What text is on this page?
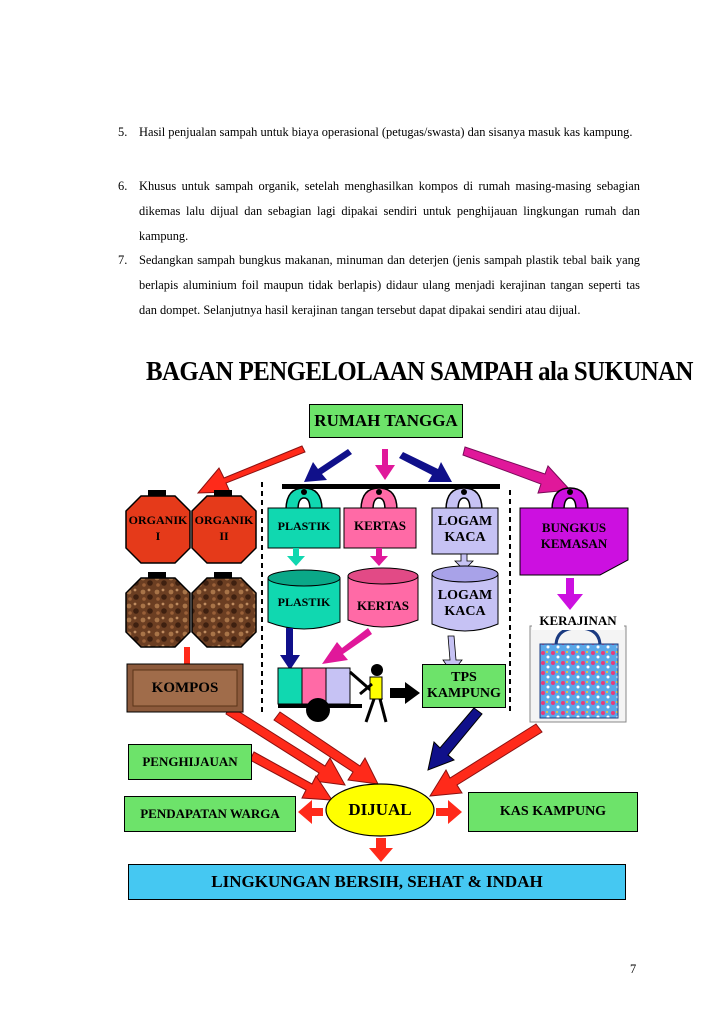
5. Hasil penjualan sampah untuk biaya operasional (petugas/swasta) dan sisanya masuk kas kampung.
6. Khusus untuk sampah organik, setelah menghasilkan kompos di rumah masing-masing sebagian dikemas lalu dijual dan sebagian lagi dipakai sendiri untuk penghijauan lingkungan rumah dan kampung.
7. Sedangkan sampah bungkus makanan, minuman dan deterjen (jenis sampah plastik tebal baik yang berlapis aluminium foil maupun tidak berlapis) didaur ulang menjadi kerajinan tangan seperti tas dan dompet. Selanjutnya hasil kerajinan tangan tersebut dapat dipakai sendiri atau dijual.
BAGAN PENGELOLAAN SAMPAH ala SUKUNAN
RUMAH TANGGA
ORGANIK
I
ORGANIK
II
PLASTIK	KERTAS	LOGAM
KACA
BUNGKUS
KEMASAN
PLASTIK	KERTAS
LOGAM
KACA
KERAJINAN
KOMPOS
TPS
KAMPUNG
PENGHIJAUAN
PENDAPATAN WARGA	DIJUAL	KAS KAMPUNG
LINGKUNGAN BERSIH, SEHAT & INDAH
7
